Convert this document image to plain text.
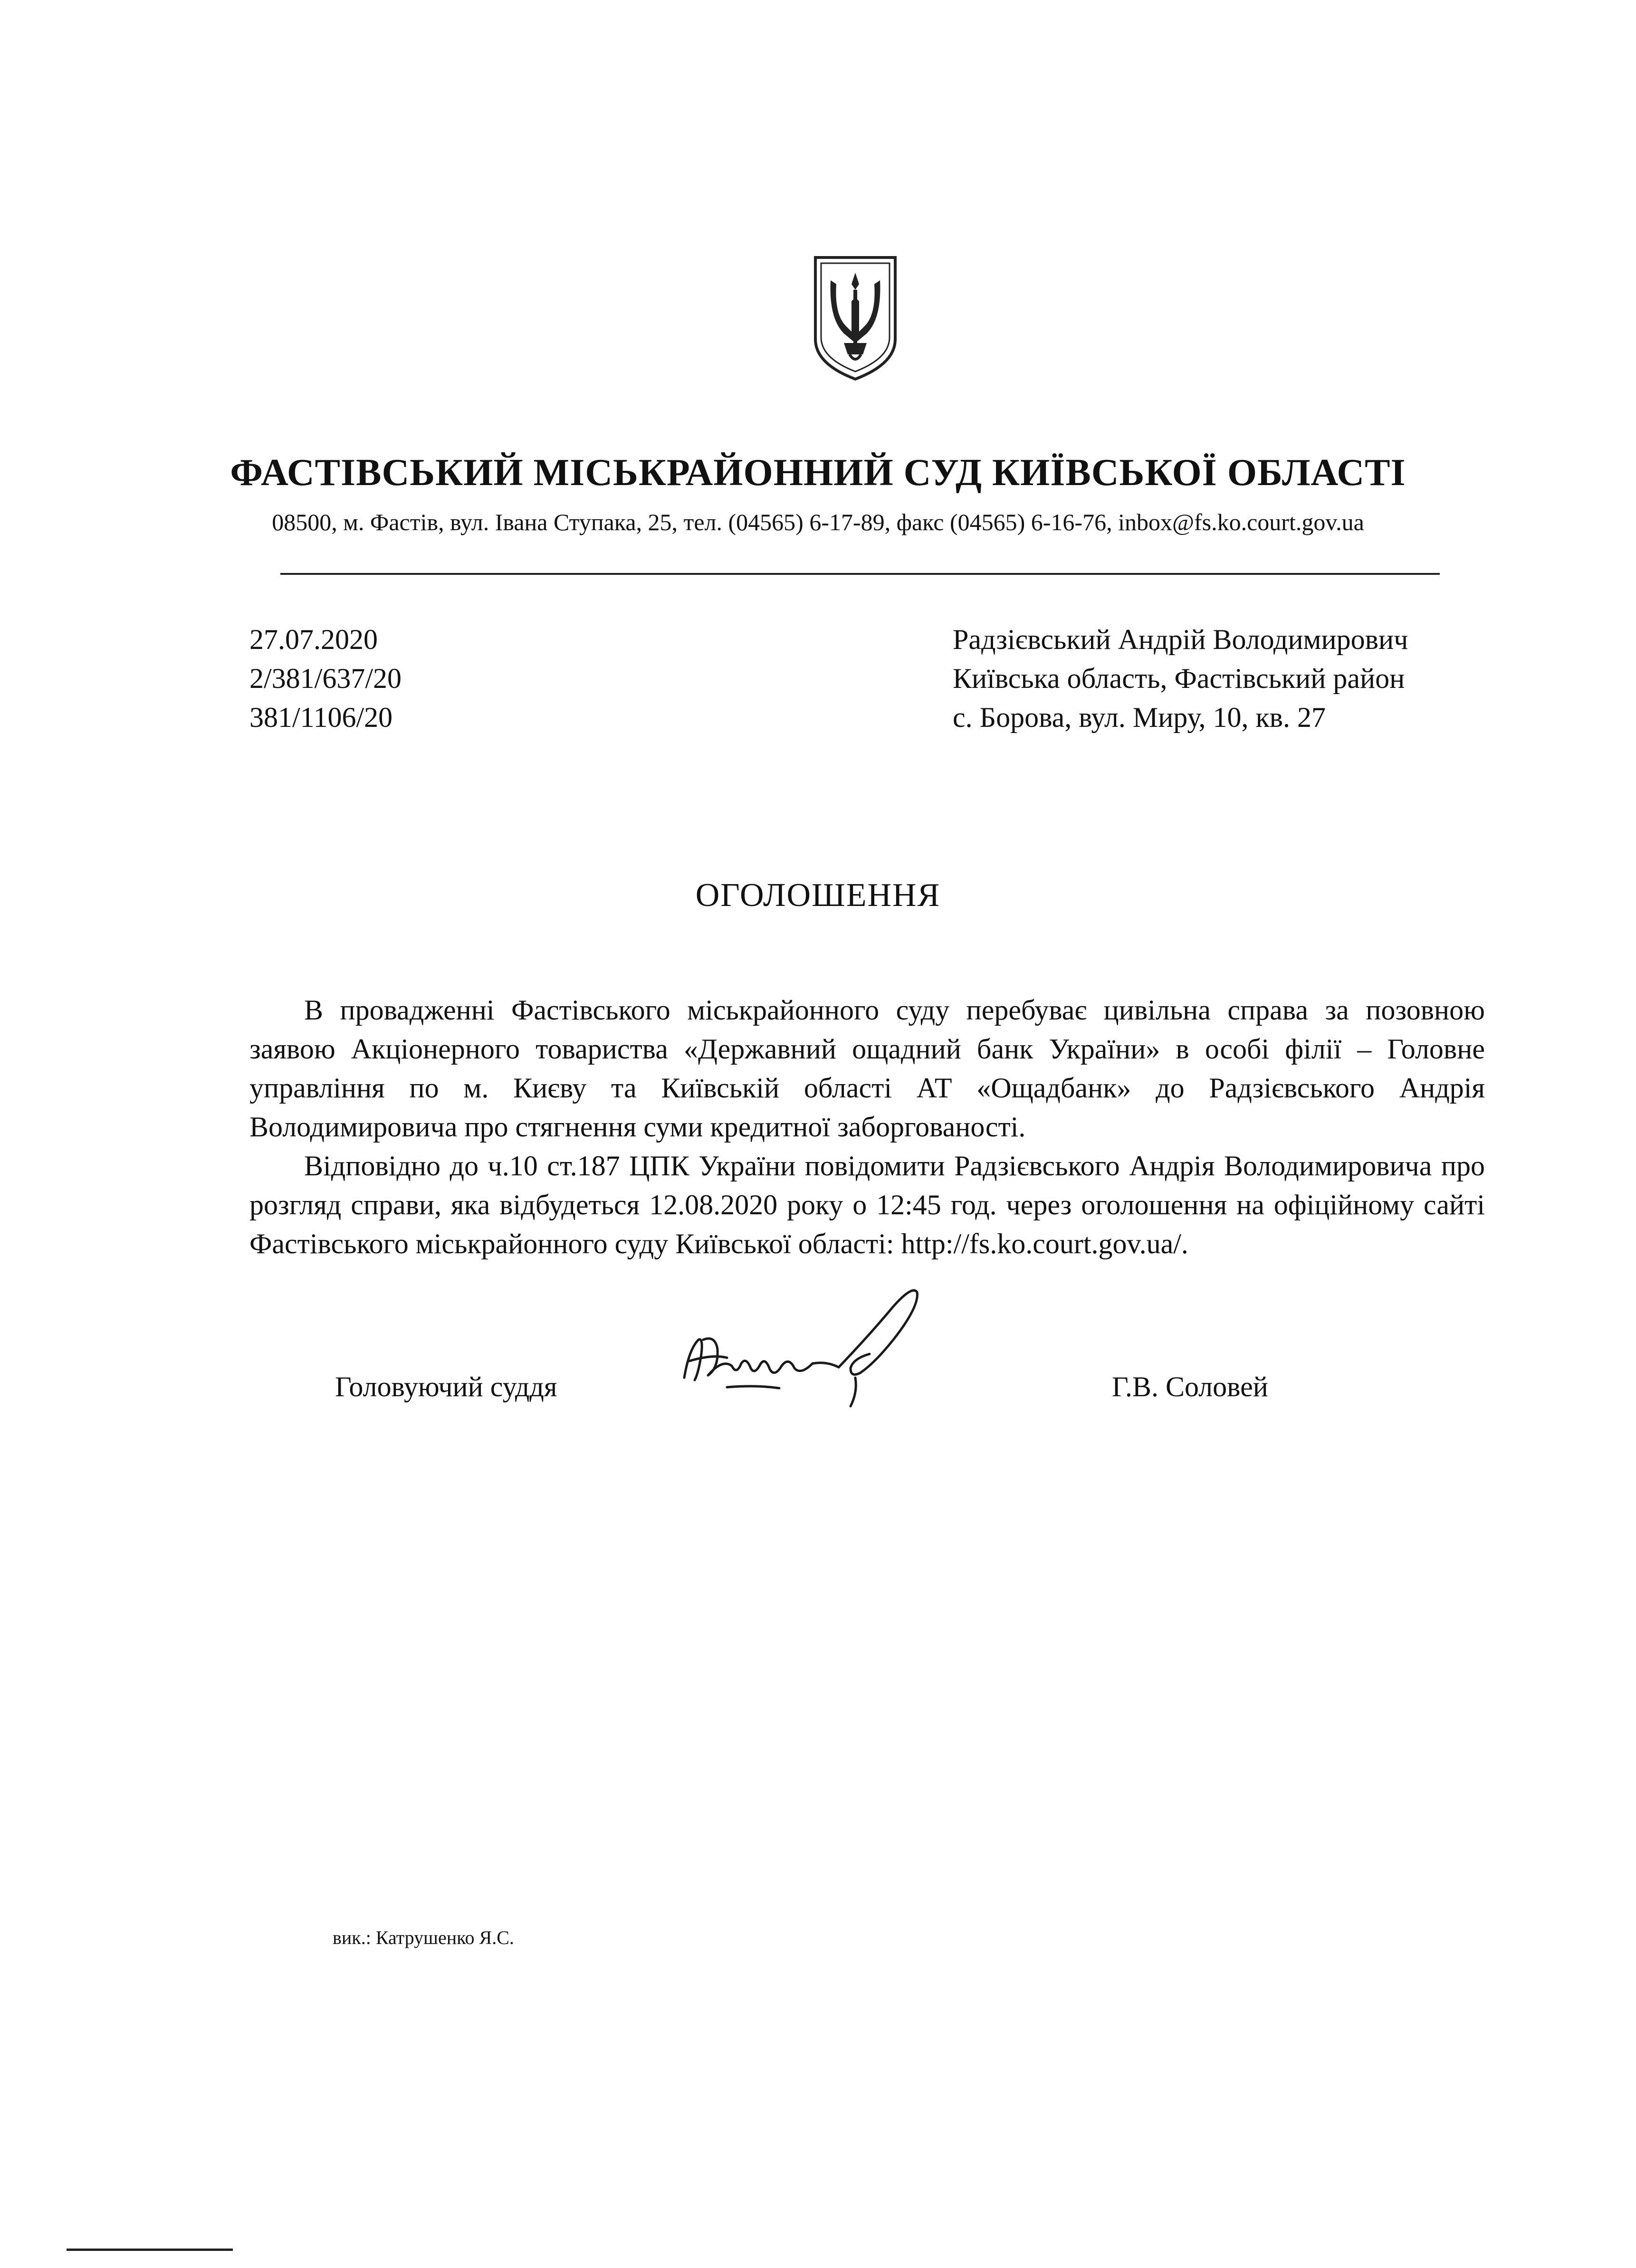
ФАСТІВСЬКИЙ МІСЬКРАЙОННИЙ СУД КИЇВСЬКОЇ ОБЛАСТІ
08500, м. Фастів, вул. Івана Ступака, 25, тел. (04565) 6-17-89, факс (04565) 6-16-76, inbox@fs.ko.court.gov.ua
27.07.2020
2/381/637/20
381/1106/20
Радзієвський Андрій Володимирович
Київська область, Фастівський район
с. Борова, вул. Миру, 10, кв. 27
ОГОЛОШЕННЯ

В провадженні Фастівського міськрайонного суду перебуває цивільна справа за позовною заявою Акціонерного товариства «Державний ощадний банк України» в особі філії – Головне управління по м. Києву та Київській області АТ «Ощадбанк» до Радзієвського Андрія Володимировича про стягнення суми кредитної заборгованості.

Відповідно до ч.10 ст.187 ЦПК України повідомити Радзієвського Андрія Володимировича про розгляд справи, яка відбудеться 12.08.2020 року о 12:45 год. через оголошення на офіційному сайті Фастівського міськрайонного суду Київської області: http://fs.ko.court.gov.ua/.

Головуючий суддя	Г.В. Соловей
вик.: Катрушенко Я.С.
